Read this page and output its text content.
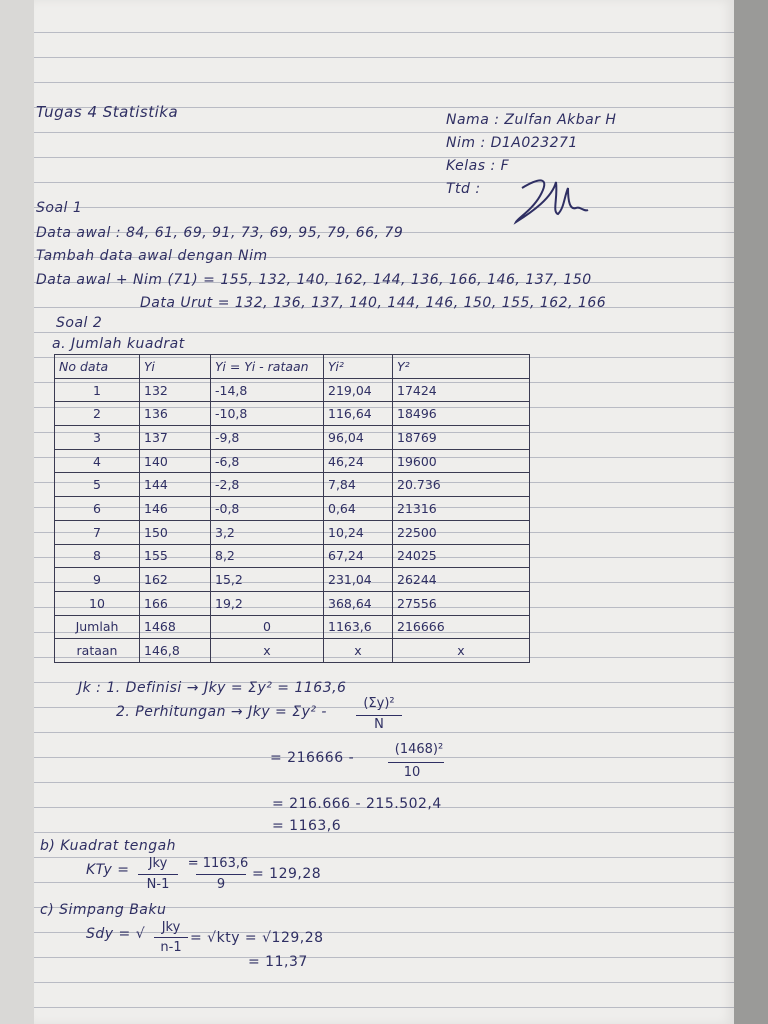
Tugas 4 Statistika	Nama : Zulfan Akbar H
Nim : D1A023271
Kelas : F
Ttd :
Soal 1
Data awal : 84, 61, 69, 91, 73, 69, 95, 79, 66, 79
Tambah data awal dengan Nim
Data awal + Nim (71) = 155, 132, 140, 162, 144, 136, 166, 146, 137, 150
Data Urut = 132, 136, 137, 140, 144, 146, 150, 155, 162, 166
Soal 2
a. Jumlah kuadrat
No data	Yi	Yi = Yi - rataan	Yi²	Y²
1	132	-14,8	219,04	17424
2	136	-10,8	116,64	18496
3	137	-9,8	96,04	18769
4	140	-6,8	46,24	19600
5	144	-2,8	7,84	20.736
6	146	-0,8	0,64	21316
7	150	3,2	10,24	22500
8	155	8,2	67,24	24025
9	162	15,2	231,04	26244
10	166	19,2	368,64	27556
Jumlah	1468	0	1163,6	216666
rataan	146,8	x	x	x
Jk : 1. Definisi → Jky = Σy² = 1163,6
2. Perhitungan → Jky = Σy² -
(Σy)²
N
= 216666 -
(1468)²
10
= 216.666 - 215.502,4
= 1163,6
b) Kuadrat tengah
KTy =	Jky
N-1
= 1163,6
9
= 129,28
c) Simpang Baku
Sdy = √	Jky
n-1
= √kty = √129,28
= 11,37
